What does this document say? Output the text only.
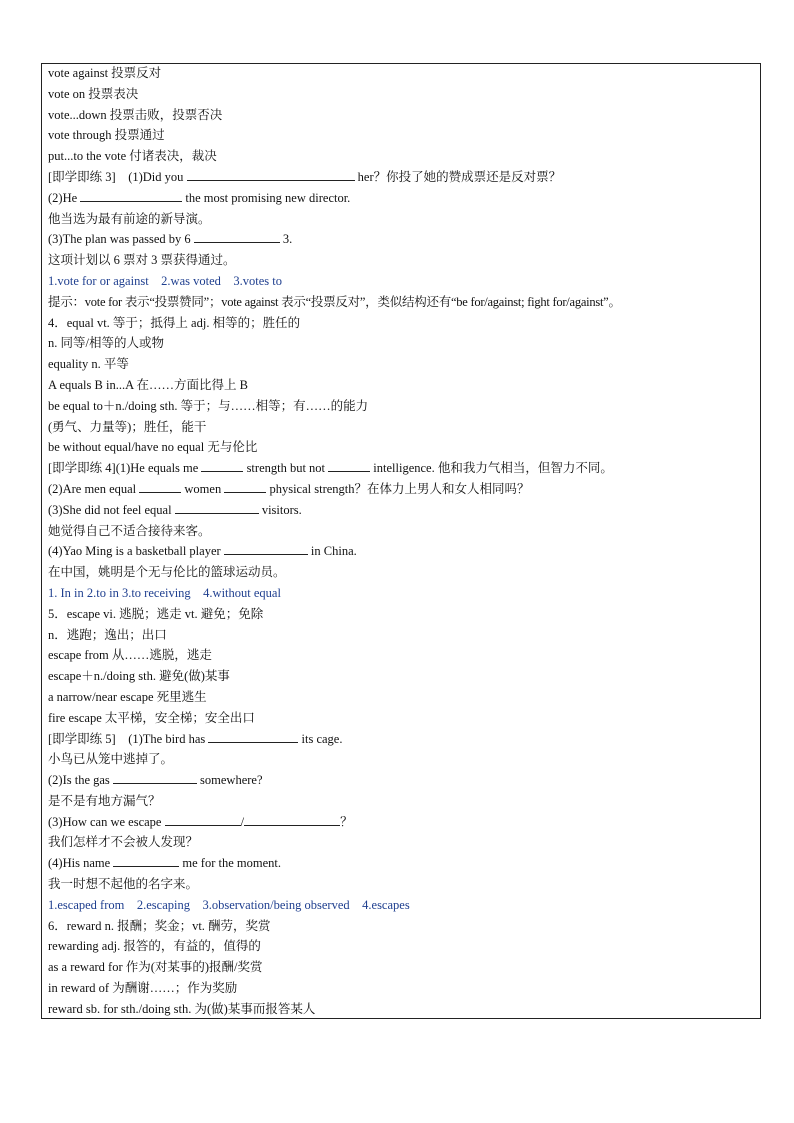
vote against 投票反对
vote on 投票表决
vote...down 投票击败，投票否决
vote through 投票通过
put...to the vote 付诸表决，裁决
[即学即练 3]　(1)Did you	her？你投了她的赞成票还是反对票？
(2)He	the most promising new director.
他当选为最有前途的新导演。
(3)The plan was passed by 6	3.
这项计划以 6 票对 3 票获得通过。
1.vote for or against　2.was voted　3.votes to
提示：vote for 表示“投票赞同”；vote against 表示“投票反对”，类似结构还有“be for/against; fight for/against”。
4．equal vt. 等于；抵得上 adj. 相等的；胜任的
n. 同等/相等的人或物
equality n. 平等
A equals B in...A 在……方面比得上 B
be equal to＋n./doing sth. 等于；与……相等；有……的能力
(勇气、力量等)；胜任，能干
be without equal/have no equal 无与伦比
[即学即练 4](1)He equals me	strength but not	intelligence. 他和我力气相当，但智力不同。
(2)Are men equal	women	physical strength？在体力上男人和女人相同吗？
(3)She did not feel equal	visitors.
她觉得自己不适合接待来客。
(4)Yao Ming is a basketball player	in China.
在中国，姚明是个无与伦比的篮球运动员。
1. In in 2.to in 3.to receiving　4.without equal
5．escape vi. 逃脱；逃走 vt. 避免；免除
n．逃跑；逸出；出口
escape from 从……逃脱，逃走
escape＋n./doing sth. 避免(做)某事
a narrow/near escape 死里逃生
fire escape 太平梯，安全梯；安全出口
[即学即练 5]　(1)The bird has	its cage.
小鸟已从笼中逃掉了。
(2)Is the gas	somewhere?
是不是有地方漏气？
(3)How can we escape	/	？
我们怎样才不会被人发现？
(4)His name	me for the moment.
我一时想不起他的名字来。
1.escaped from　2.escaping　3.observation/being observed　4.escapes
6．reward n. 报酬；奖金；vt. 酬劳，奖赏
rewarding adj. 报答的，有益的，值得的
as a reward for 作为(对某事的)报酬/奖赏
in reward of 为酬谢……；作为奖励
reward sb. for sth./doing sth. 为(做)某事而报答某人
